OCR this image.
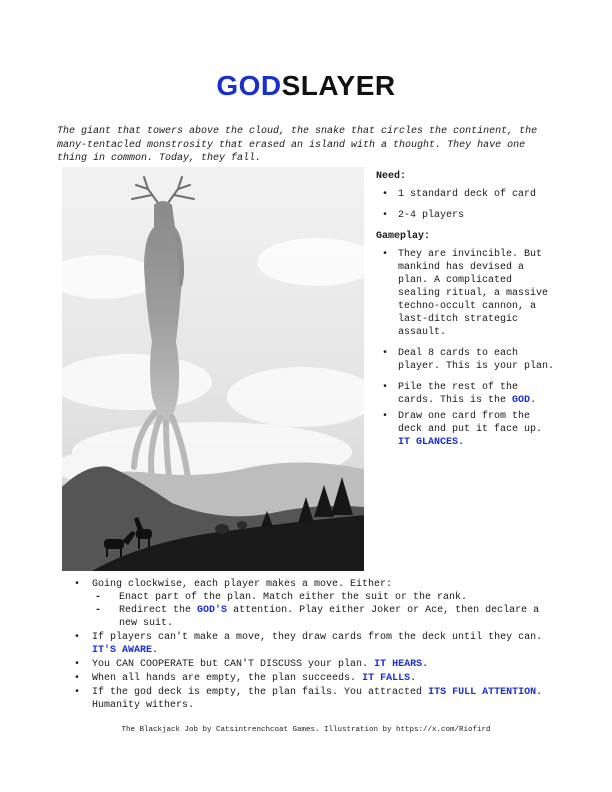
GODSLAYER
The giant that towers above the cloud, the snake that circles the continent, the many-tentacled monstrosity that erased an island with a thought. They have one thing in common. Today, they fall.
Need:
• 1 standard deck of card
• 2-4 players
Gameplay:
• They are invincible. But mankind has devised a plan. A complicated sealing ritual, a massive techno-occult cannon, a last-ditch strategic assault.
• Deal 8 cards to each player. This is your plan.
• Pile the rest of the cards. This is the GOD.
• Draw one card from the deck and put it face up. IT GLANCES.
• Going clockwise, each player makes a move. Either:
‐ Enact part of the plan. Match either the suit or the rank.
‐ Redirect the GOD'S attention. Play either Joker or Ace, then declare a new suit.
• If players can't make a move, they draw cards from the deck until they can. IT'S AWARE.
• You CAN COOPERATE but CAN'T DISCUSS your plan. IT HEARS.
• When all hands are empty, the plan succeeds. IT FALLS.
• If the god deck is empty, the plan fails. You attracted ITS FULL ATTENTION. Humanity withers.
The Blackjack Job by Catsintrenchcoat Games. Illustration by https://x.com/Riofird
